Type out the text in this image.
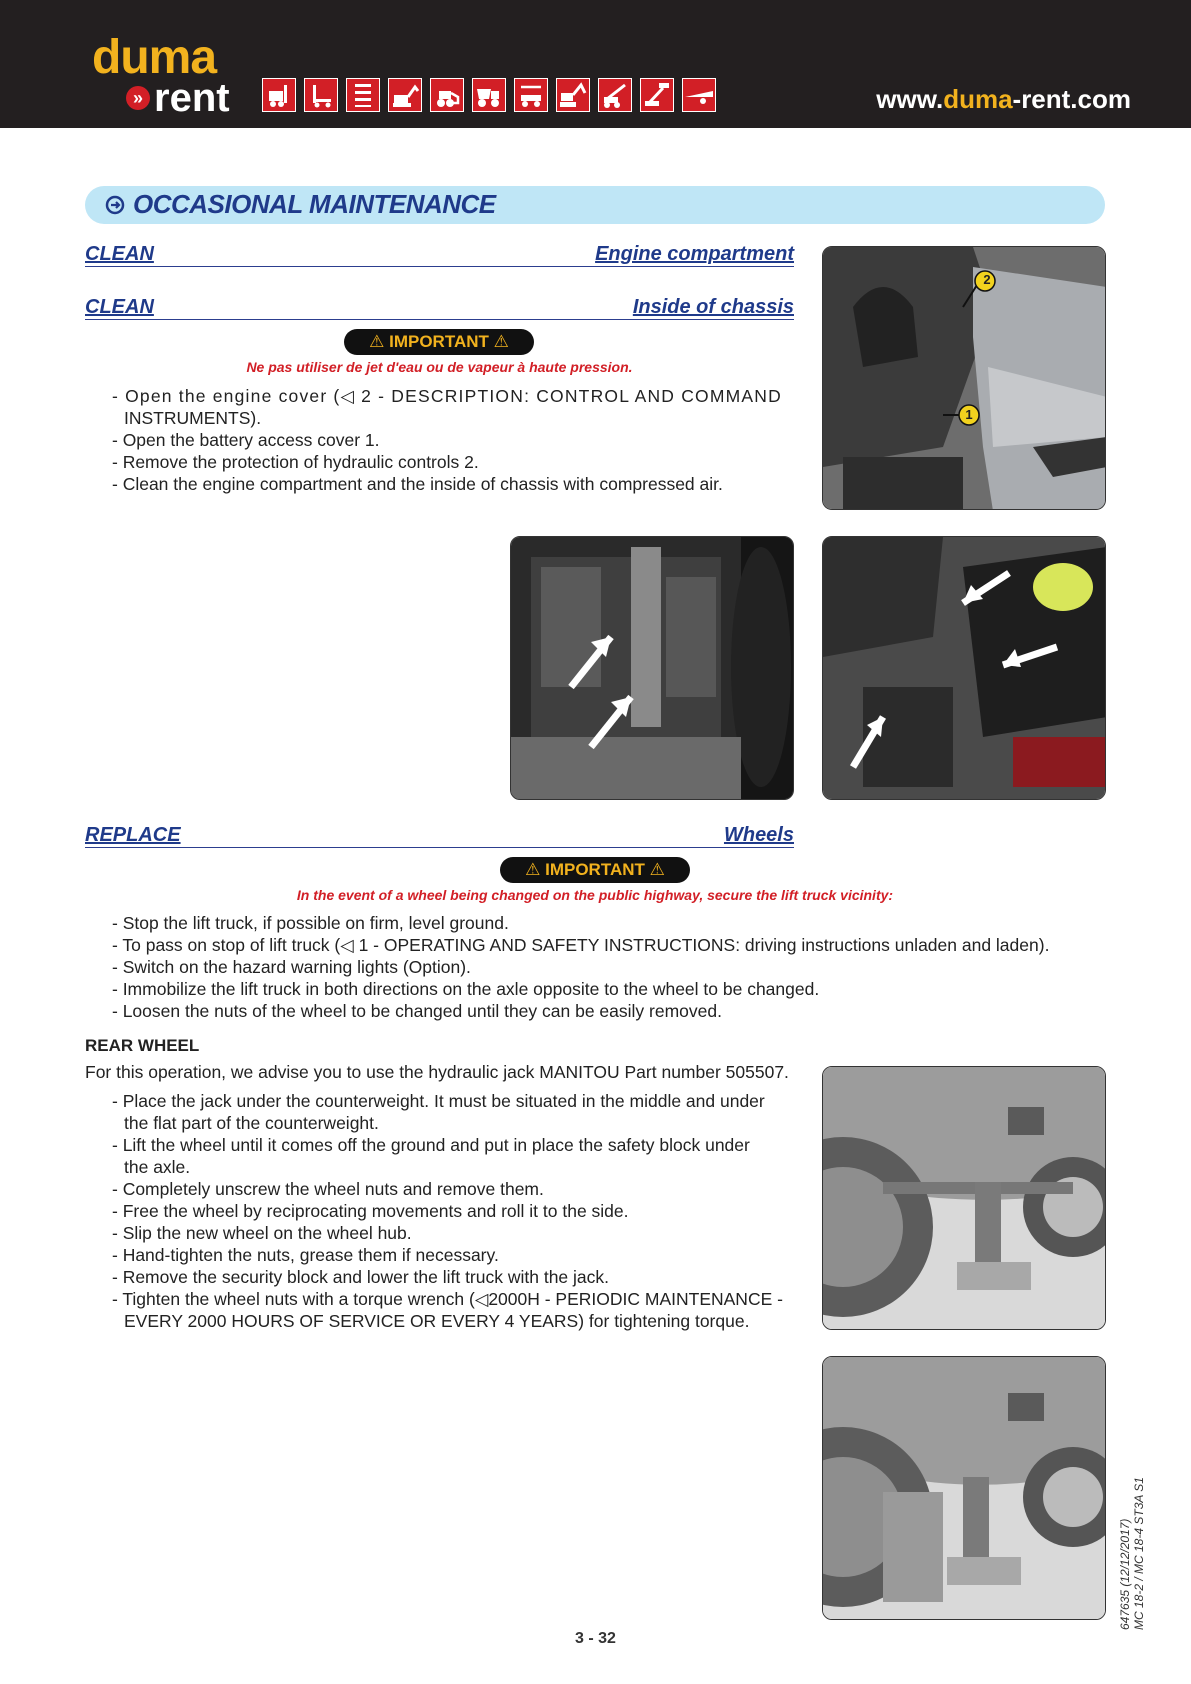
duma
» rent	www.duma-rent.com
OCCASIONAL MAINTENANCE
CLEAN	Engine compartment
CLEAN	Inside of chassis
⚠ IMPORTANT ⚠
Ne pas utiliser de jet d'eau ou de vapeur à haute pression.
- Open the engine cover (◁ 2 - DESCRIPTION: CONTROL AND COMMAND
INSTRUMENTS).
- Open the battery access cover 1.
- Remove the protection of hydraulic controls 2.
- Clean the engine compartment and the inside of chassis with compressed air.
2
1
REPLACE	Wheels
⚠ IMPORTANT ⚠
In the event of a wheel being changed on the public highway, secure the lift truck vicinity:
- Stop the lift truck, if possible on firm, level ground.
- To pass on stop of lift truck (◁ 1 - OPERATING AND SAFETY INSTRUCTIONS: driving instructions unladen and laden).
- Switch on the hazard warning lights (Option).
- Immobilize the lift truck in both directions on the axle opposite to the wheel to be changed.
- Loosen the nuts of the wheel to be changed until they can be easily removed.
REAR WHEEL
For this operation, we advise you to use the hydraulic jack MANITOU Part number 505507.
- Place the jack under the counterweight. It must be situated in the middle and under
the flat part of the counterweight.
- Lift the wheel until it comes off the ground and put in place the safety block under
the axle.
- Completely unscrew the wheel nuts and remove them.
- Free the wheel by reciprocating movements and roll it to the side.
- Slip the new wheel on the wheel hub.
- Hand-tighten the nuts, grease them if necessary.
- Remove the security block and lower the lift truck with the jack.
- Tighten the wheel nuts with a torque wrench (◁2000H - PERIODIC MAINTENANCE -
EVERY 2000 HOURS OF SERVICE OR EVERY 4 YEARS) for tightening torque.
3 - 32
647635 (12/12/2017) MC 18-2 / MC 18-4 ST3A S1
